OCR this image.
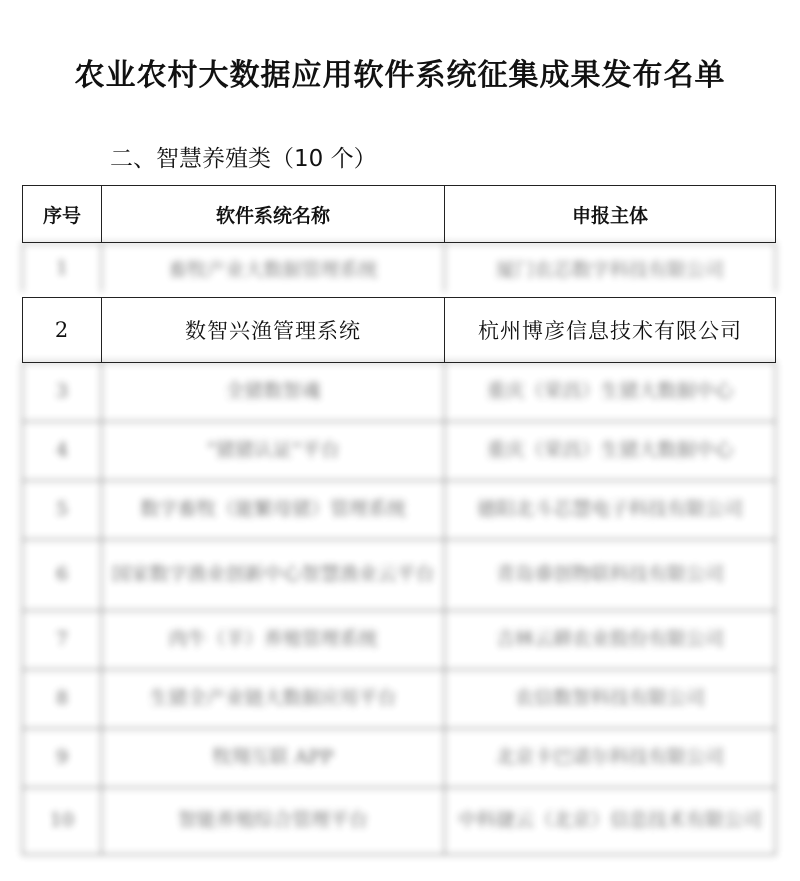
农业农村大数据应用软件系统征集成果发布名单
二、智慧养殖类（10 个）
序号	软件系统名称	申报主体
1	畜牧产业大数据管理系统	厦门农芯数字科技有限公司
2	数智兴渔管理系统	杭州博彦信息技术有限公司
3	全猪数智魂	重庆（荣昌）生猪大数据中心
4	“猪猪认证”平台	重庆（荣昌）生猪大数据中心
5	数字畜牧（能繁母猪）管理系统	德阳北斗芯慧电子科技有限公司
6	国家数字渔业创新中心智慧渔业云平台	青岛睿创物联科技有限公司
7	肉牛（羊）养殖管理系统	吉林云耕农业股份有限公司
8	生猪全产业链大数据应用平台	农信数智科技有限公司
9	牧翔互联 APP	北京卡巴诺尔科技有限公司
10	智能养殖综合管理平台	中科捷云（北京）信息技术有限公司
